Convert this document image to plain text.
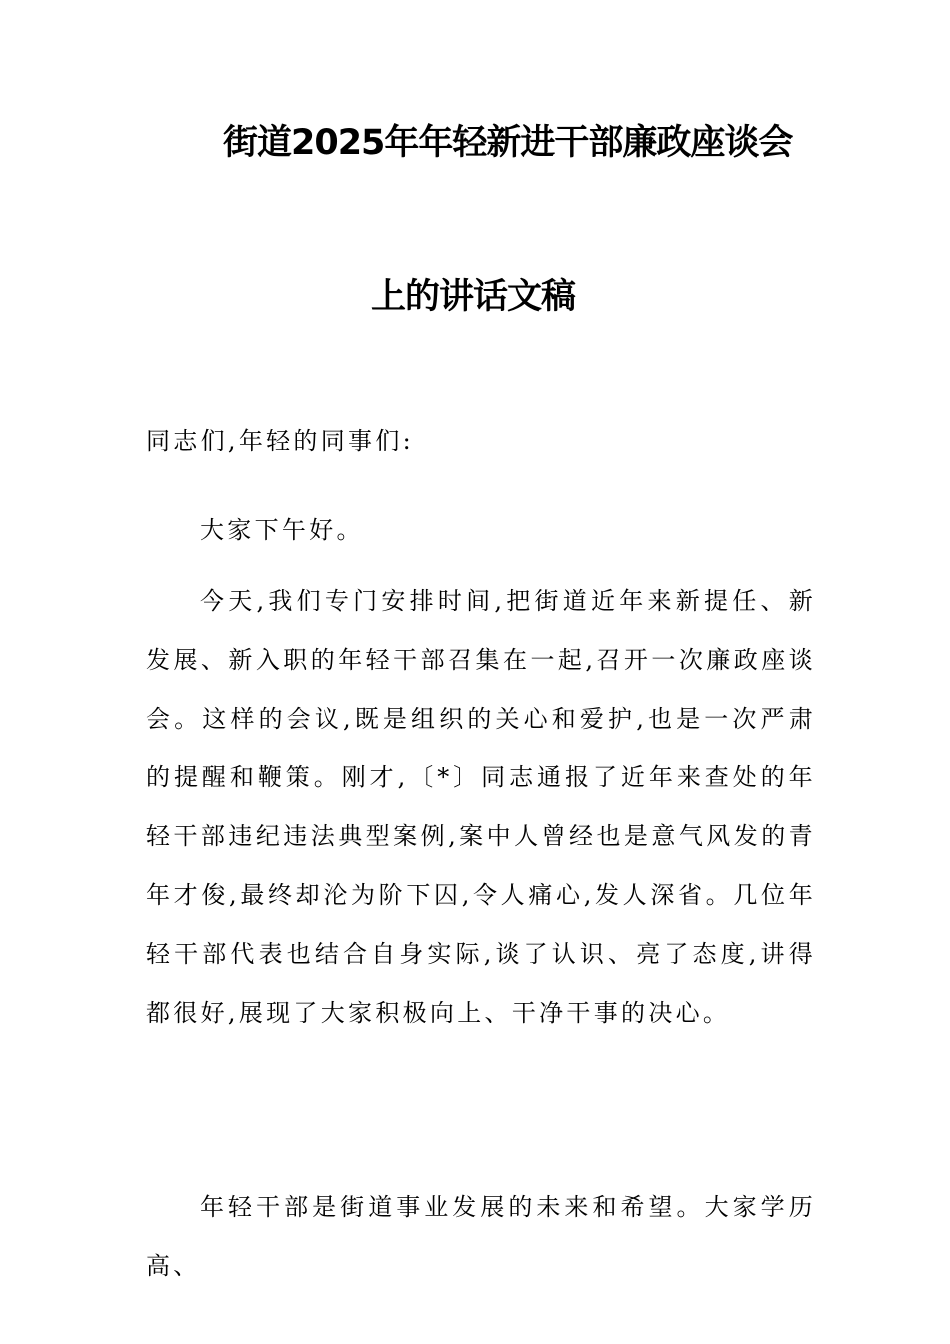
街道2025年年轻新进干部廉政座谈会
上的讲话文稿
同志们,年轻的同事们:

大家下午好。

今天,我们专门安排时间,把街道近年来新提任、新发展、新入职的年轻干部召集在一起,召开一次廉政座谈会。这样的会议,既是组织的关心和爱护,也是一次严肃的提醒和鞭策。刚才,〔*〕同志通报了近年来查处的年轻干部违纪违法典型案例,案中人曾经也是意气风发的青年才俊,最终却沦为阶下囚,令人痛心,发人深省。几位年轻干部代表也结合自身实际,谈了认识、亮了态度,讲得都很好,展现了大家积极向上、干净干事的决心。

年轻干部是街道事业发展的未来和希望。大家学历高、
